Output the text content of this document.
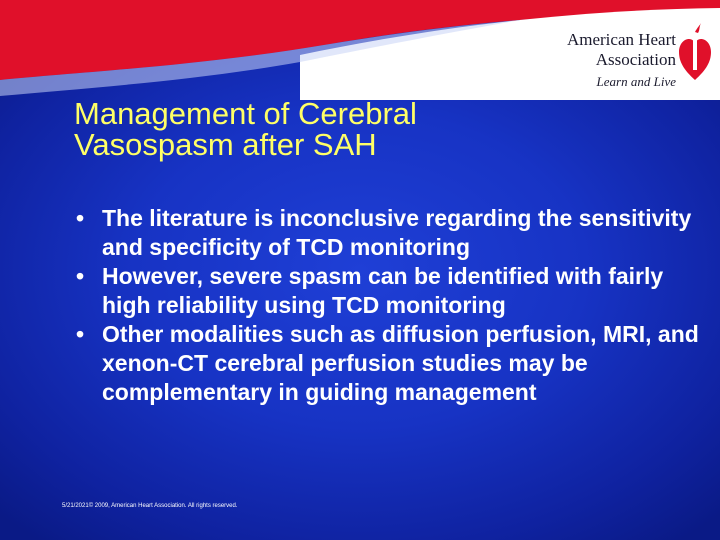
American Heart
Association
Learn and Live
Management of Cerebral
Vasospasm after SAH
• The literature is inconclusive regarding the sensitivity and specificity of TCD monitoring
• However, severe spasm can be identified with fairly high reliability using TCD monitoring
• Other modalities such as diffusion perfusion, MRI, and xenon-CT cerebral perfusion studies may be complementary in guiding management
5/21/2021© 2009, American Heart Association. All rights reserved.
